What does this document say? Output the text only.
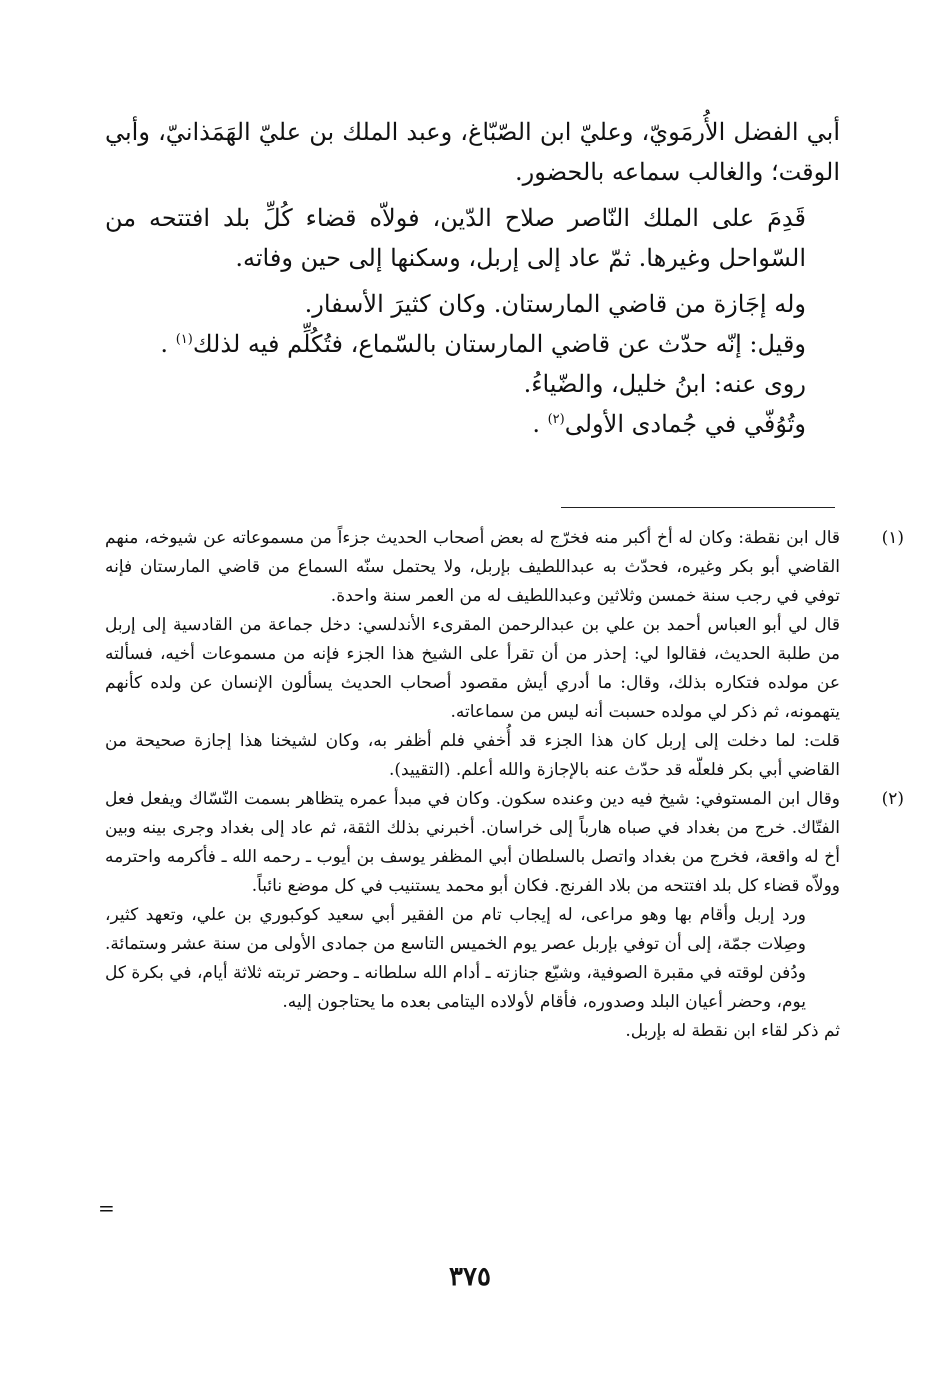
أبي الفضل الأُرمَويّ، وعليّ ابن الصّبّاغ، وعبد الملك بن عليّ الهَمَذانيّ، وأبي الوقت؛ والغالب سماعه بالحضور.

قَدِمَ على الملك النّاصر صلاح الدّين، فولاّه قضاء كُلِّ بلد افتتحه من السّواحل وغيرها. ثمّ عاد إلى إربل، وسكنها إلى حين وفاته.

وله إجَازة من قاضي المارستان. وكان كثيرَ الأسفار.

وقيل: إنّه حدّث عن قاضي المارستان بالسّماع، فتُكُلِّم فيه لذلك$^{(١)}$ .

روى عنه: ابنُ خليل، والضّياءُ.

وتُوُفّي في جُمادى الأولى$^{(٢)}$ .

(١)

قال ابن نقطة: وكان له أخ أكبر منه فخرّج له بعض أصحاب الحديث جزءاً من مسموعاته عن شيوخه، منهم القاضي أبو بكر وغيره، فحدّث به عبداللطيف بإربل، ولا يحتمل سنّه السماع من قاضي المارستان فإنه توفي في رجب سنة خمسن وثلاثين وعبداللطيف له من العمر سنة واحدة.

قال لي أبو العباس أحمد بن علي بن عبدالرحمن المقرىء الأندلسي: دخل جماعة من القادسية إلى إربل من طلبة الحديث، فقالوا لي: إحذر من أن تقرأ على الشيخ هذا الجزء فإنه من مسموعات أخيه، فسألته عن مولده فتكاره بذلك، وقال: ما أدري أيش مقصود أصحاب الحديث يسألون الإنسان عن ولده كأنهم يتهمونه، ثم ذكر لي مولده حسبت أنه ليس من سماعاته.

قلت: لما دخلت إلى إربل كان هذا الجزء قد أُخفي فلم أظفر به، وكان لشيخنا هذا إجازة صحيحة من القاضي أبي بكر فلعلّه قد حدّث عنه بالإجازة والله أعلم. (التقييد).

(٢)

وقال ابن المستوفي: شيخ فيه دين وعنده سكون. وكان في مبدأ عمره يتظاهر بسمت النّسّاك ويفعل فعل الفتّاك. خرج من بغداد في صباه هارباً إلى خراسان. أخبرني بذلك الثقة، ثم عاد إلى بغداد وجرى بينه وبين أخ له واقعة، فخرج من بغداد واتصل بالسلطان أبي المظفر يوسف بن أيوب ـ رحمه الله ـ فأكرمه واحترمه وولاّه قضاء كل بلد افتتحه من بلاد الفرنج. فكان أبو محمد يستنيب في كل موضع نائباً.

ورد إربل وأقام بها وهو مراعى، له إيجاب تام من الفقير أبي سعيد كوكبوري بن علي، وتعهد كثير، وصِلات جمّة، إلى أن توفي بإربل عصر يوم الخميس التاسع من جمادى الأولى من سنة عشر وستمائة. ودُفن لوقته في مقبرة الصوفية، وشيّع جنازته ـ أدام الله سلطانه ـ وحضر تربته ثلاثة أيام، في بكرة كل يوم، وحضر أعيان البلد وصدوره، فأقام لأولاده اليتامى بعده ما يحتاجون إليه.

ثم ذكر لقاء ابن نقطة له بإربل.

=
٣٧٥
